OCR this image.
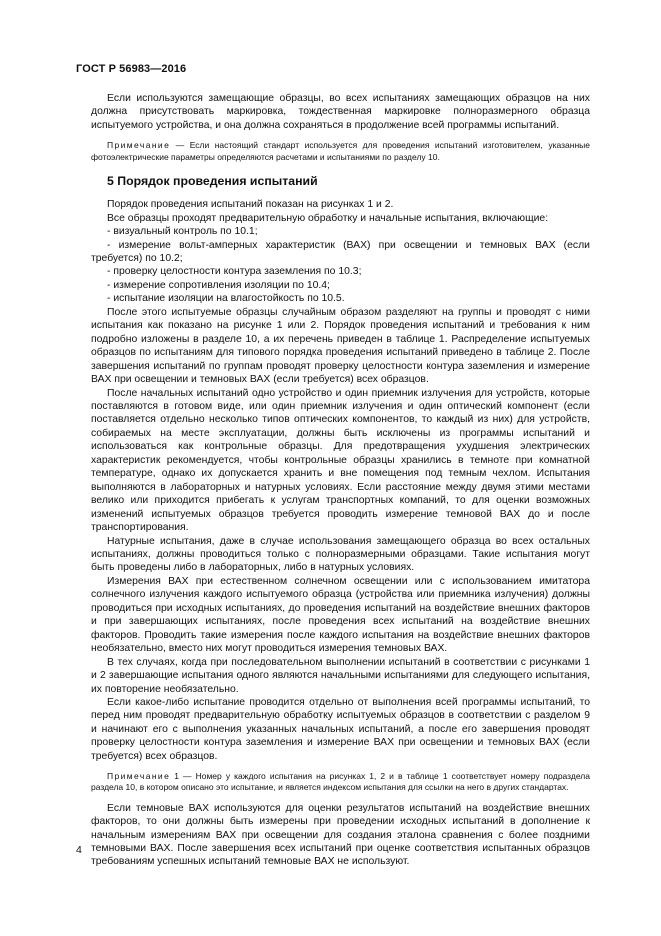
ГОСТ Р 56983—2016

Если используются замещающие образцы, во всех испытаниях замещающих образцов на них должна присутствовать маркировка, тождественная маркировке полноразмерного образца испытуемого устройства, и она должна сохраняться в продолжение всей программы испытаний.

Примечание — Если настоящий стандарт используется для проведения испытаний изготовителем, указанные фотоэлектрические параметры определяются расчетами и испытаниями по разделу 10.

5 Порядок проведения испытаний

Порядок проведения испытаний показан на рисунках 1 и 2.

Все образцы проходят предварительную обработку и начальные испытания, включающие:

- визуальный контроль по 10.1;

- измерение вольт-амперных характеристик (ВАХ) при освещении и темновых ВАХ (если требуется) по 10.2;

- проверку целостности контура заземления по 10.3;

- измерение сопротивления изоляции по 10.4;

- испытание изоляции на влагостойкость по 10.5.

После этого испытуемые образцы случайным образом разделяют на группы и проводят с ними испытания как показано на рисунке 1 или 2. Порядок проведения испытаний и требования к ним подробно изложены в разделе 10, а их перечень приведен в таблице 1. Распределение испытуемых образцов по испытаниям для типового порядка проведения испытаний приведено в таблице 2. После завершения испытаний по группам проводят проверку целостности контура заземления и измерение ВАХ при освещении и темновых ВАХ (если требуется) всех образцов.

После начальных испытаний одно устройство и один приемник излучения для устройств, которые поставляются в готовом виде, или один приемник излучения и один оптический компонент (если поставляется отдельно несколько типов оптических компонентов, то каждый из них) для устройств, собираемых на месте эксплуатации, должны быть исключены из программы испытаний и использоваться как контрольные образцы. Для предотвращения ухудшения электрических характеристик рекомендуется, чтобы контрольные образцы хранились в темноте при комнатной температуре, однако их допускается хранить и вне помещения под темным чехлом. Испытания выполняются в лабораторных и натурных условиях. Если расстояние между двумя этими местами велико или приходится прибегать к услугам транспортных компаний, то для оценки возможных изменений испытуемых образцов требуется проводить измерение темновой ВАХ до и после транспортирования.

Натурные испытания, даже в случае использования замещающего образца во всех остальных испытаниях, должны проводиться только с полноразмерными образцами. Такие испытания могут быть проведены либо в лабораторных, либо в натурных условиях.

Измерения ВАХ при естественном солнечном освещении или с использованием имитатора солнечного излучения каждого испытуемого образца (устройства или приемника излучения) должны проводиться при исходных испытаниях, до проведения испытаний на воздействие внешних факторов и при завершающих испытаниях, после проведения всех испытаний на воздействие внешних факторов. Проводить такие измерения после каждого испытания на воздействие внешних факторов необязательно, вместо них могут проводиться измерения темновых ВАХ.

В тех случаях, когда при последовательном выполнении испытаний в соответствии с рисунками 1 и 2 завершающие испытания одного являются начальными испытаниями для следующего испытания, их повторение необязательно.

Если какое-либо испытание проводится отдельно от выполнения всей программы испытаний, то перед ним проводят предварительную обработку испытуемых образцов в соответствии с разделом 9 и начинают его с выполнения указанных начальных испытаний, а после его завершения проводят проверку целостности контура заземления и измерение ВАХ при освещении и темновых ВАХ (если требуется) всех образцов.

Примечание 1 — Номер у каждого испытания на рисунках 1, 2 и в таблице 1 соответствует номеру подраздела раздела 10, в котором описано это испытание, и является индексом испытания для ссылки на него в других стандартах.

Если темновые ВАХ используются для оценки результатов испытаний на воздействие внешних факторов, то они должны быть измерены при проведении исходных испытаний в дополнение к начальным измерениям ВАХ при освещении для создания эталона сравнения с более поздними темновыми ВАХ. После завершения всех испытаний при оценке соответствия испытанных образцов требованиям успешных испытаний темновые ВАХ не используют.

4
